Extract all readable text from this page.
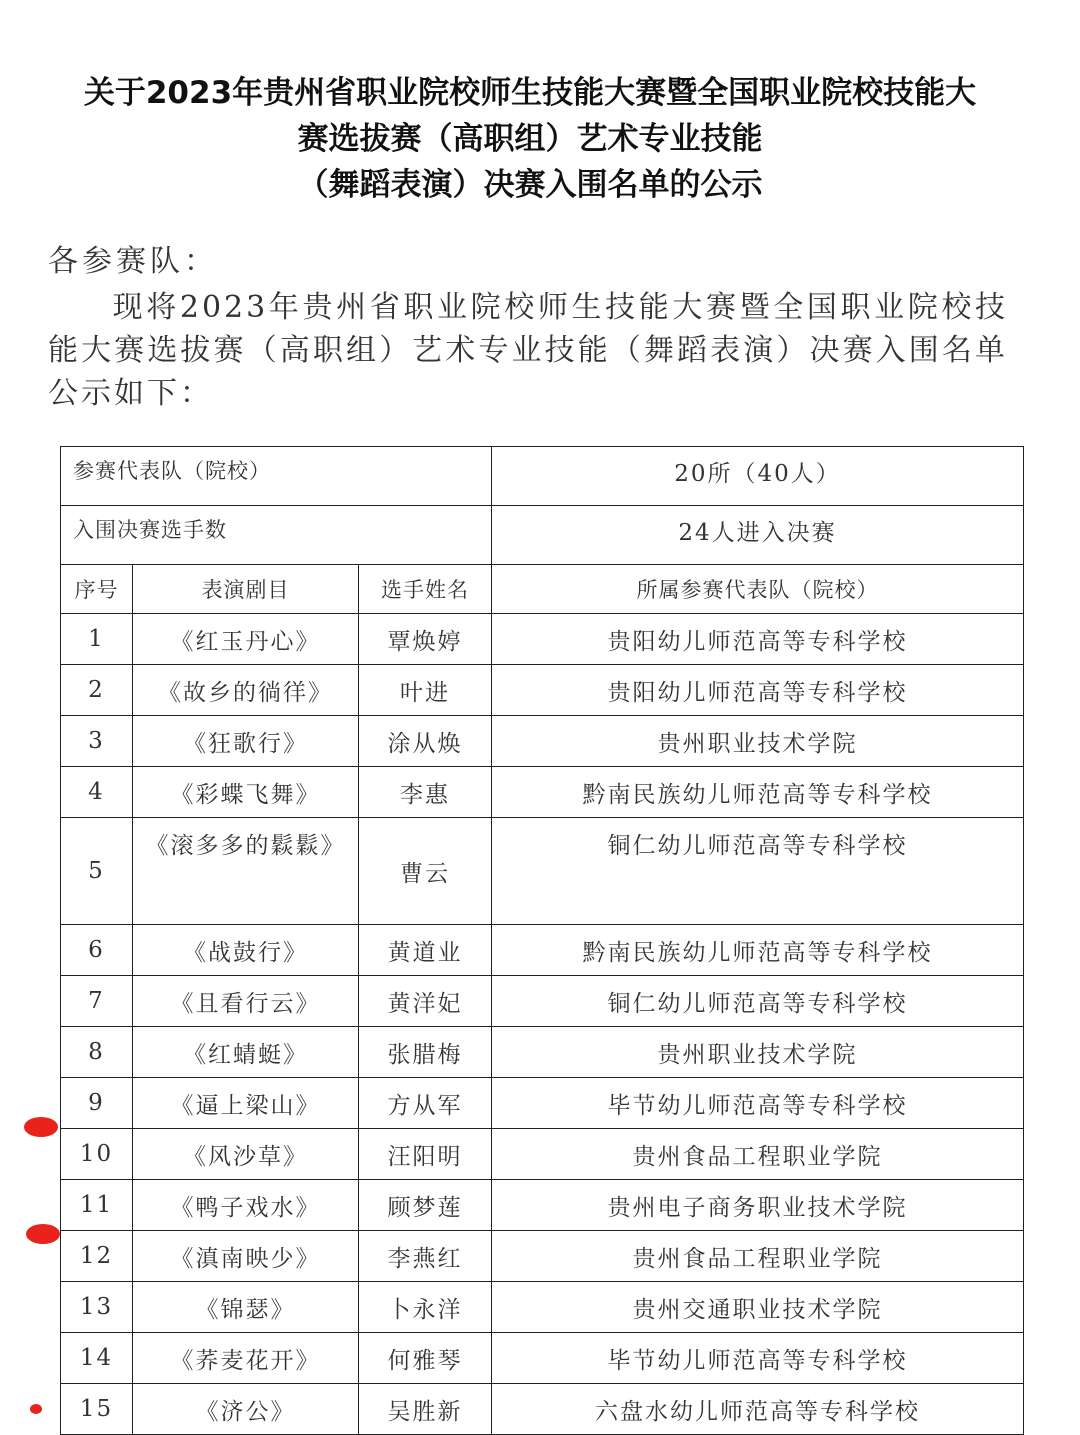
关于2023年贵州省职业院校师生技能大赛暨全国职业院校技能大
赛选拔赛（高职组）艺术专业技能
（舞蹈表演）决赛入围名单的公示
各参赛队：
现将2023年贵州省职业院校师生技能大赛暨全国职业院校技能大赛选拔赛（高职组）艺术专业技能（舞蹈表演）决赛入围名单公示如下：
参赛代表队（院校）			20所（40人）
入围决赛选手数			24人进入决赛
序号	表演剧目	选手姓名	所属参赛代表队（院校）
1	《红玉丹心》	覃焕婷	贵阳幼儿师范高等专科学校
2	《故乡的徜徉》	叶进	贵阳幼儿师范高等专科学校
3	《狂歌行》	涂从焕	贵州职业技术学院
4	《彩蝶飞舞》	李惠	黔南民族幼儿师范高等专科学校
5	《滚多多的鬏鬏》	曹云	铜仁幼儿师范高等专科学校
6	《战鼓行》	黄道业	黔南民族幼儿师范高等专科学校
7	《且看行云》	黄洋妃	铜仁幼儿师范高等专科学校
8	《红蜻蜓》	张腊梅	贵州职业技术学院
9	《逼上梁山》	方从军	毕节幼儿师范高等专科学校
10	《风沙草》	汪阳明	贵州食品工程职业学院
11	《鸭子戏水》	顾梦莲	贵州电子商务职业技术学院
12	《滇南映少》	李燕红	贵州食品工程职业学院
13	《锦瑟》	卜永洋	贵州交通职业技术学院
14	《荞麦花开》	何雅琴	毕节幼儿师范高等专科学校
15	《济公》	吴胜新	六盘水幼儿师范高等专科学校
